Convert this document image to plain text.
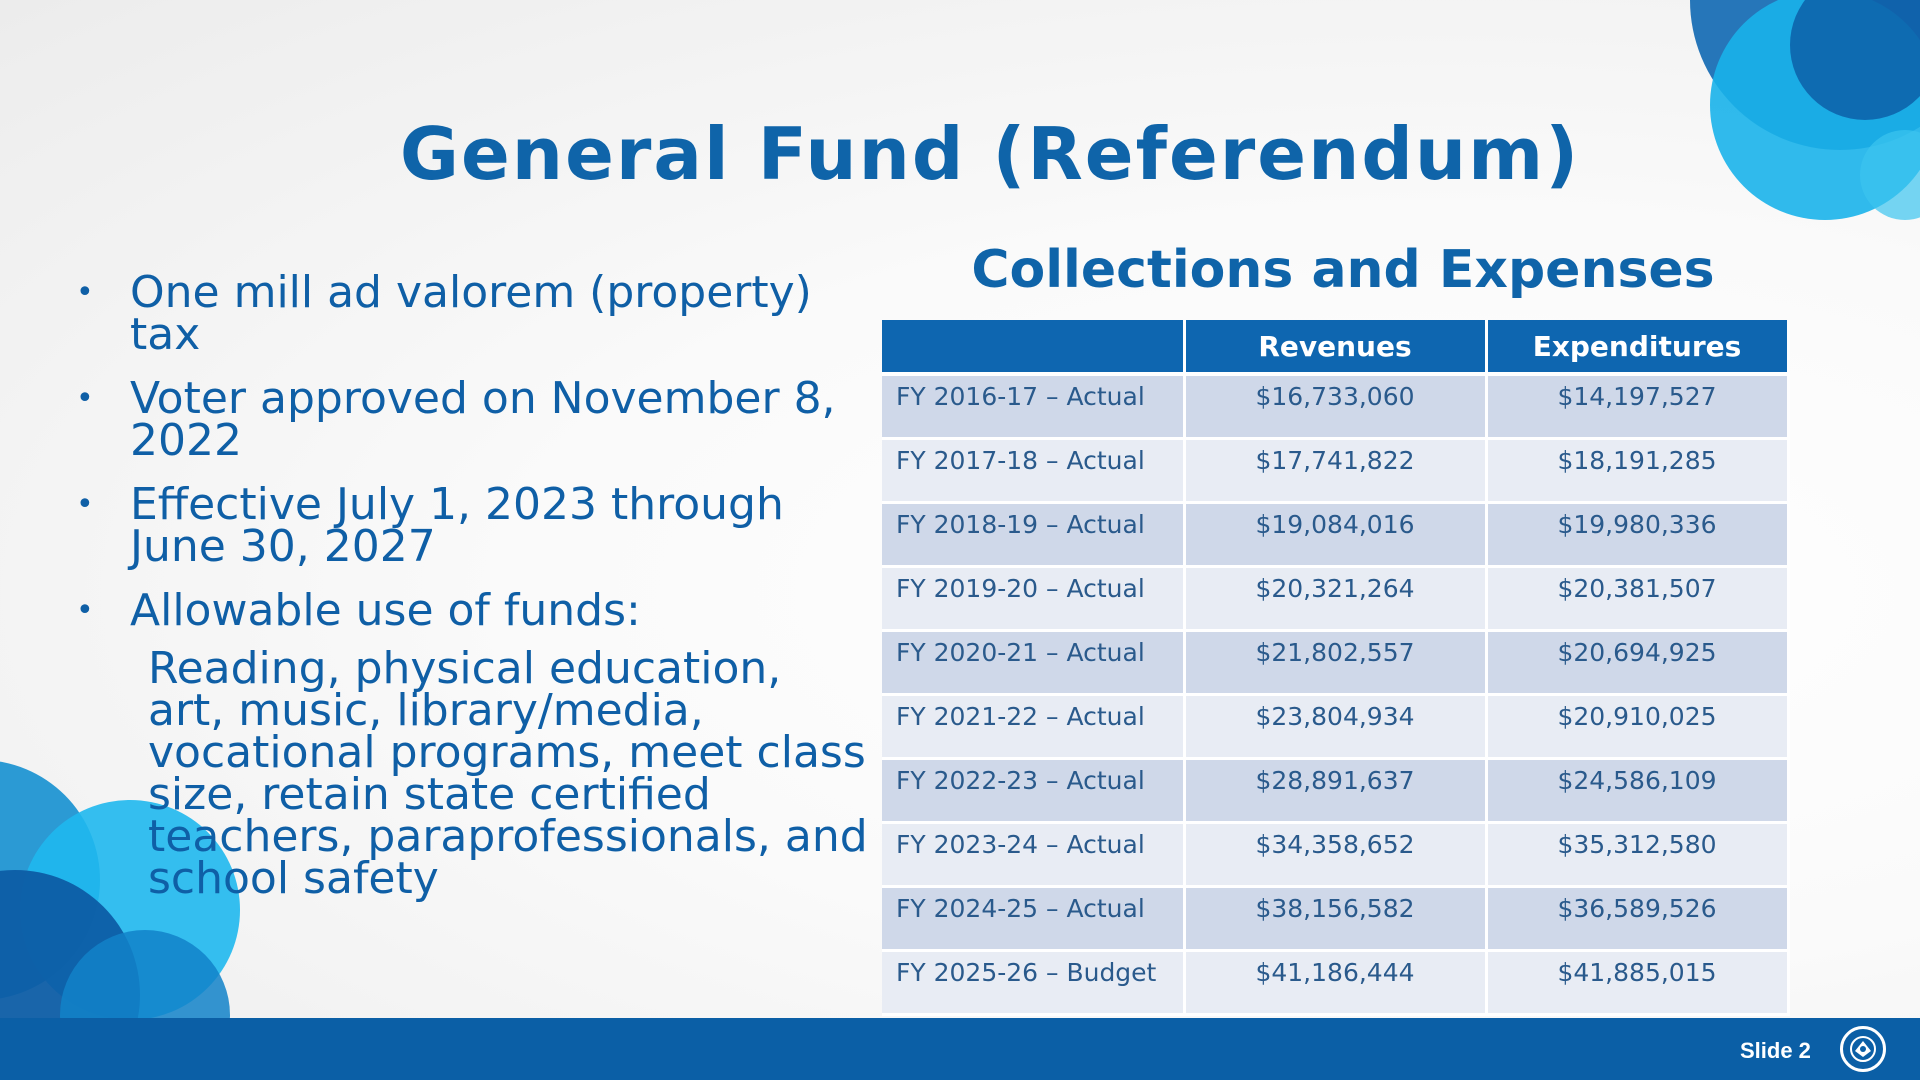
General Fund (Referendum)
• One mill ad valorem (property) tax
• Voter approved on November 8, 2022
• Effective July 1, 2023 through June 30, 2027
• Allowable use of funds:
Reading, physical education, art, music, library/media, vocational programs, meet class size, retain state certified teachers, paraprofessionals, and school safety
Collections and Expenses
	Revenues	Expenditures
FY 2016-17 – Actual	$16,733,060	$14,197,527
FY 2017-18 – Actual	$17,741,822	$18,191,285
FY 2018-19 – Actual	$19,084,016	$19,980,336
FY 2019-20 – Actual	$20,321,264	$20,381,507
FY 2020-21 – Actual	$21,802,557	$20,694,925
FY 2021-22 – Actual	$23,804,934	$20,910,025
FY 2022-23 – Actual	$28,891,637	$24,586,109
FY 2023-24 – Actual	$34,358,652	$35,312,580
FY 2024-25 – Actual	$38,156,582	$36,589,526
FY 2025-26 – Budget	$41,186,444	$41,885,015
Slide 2
